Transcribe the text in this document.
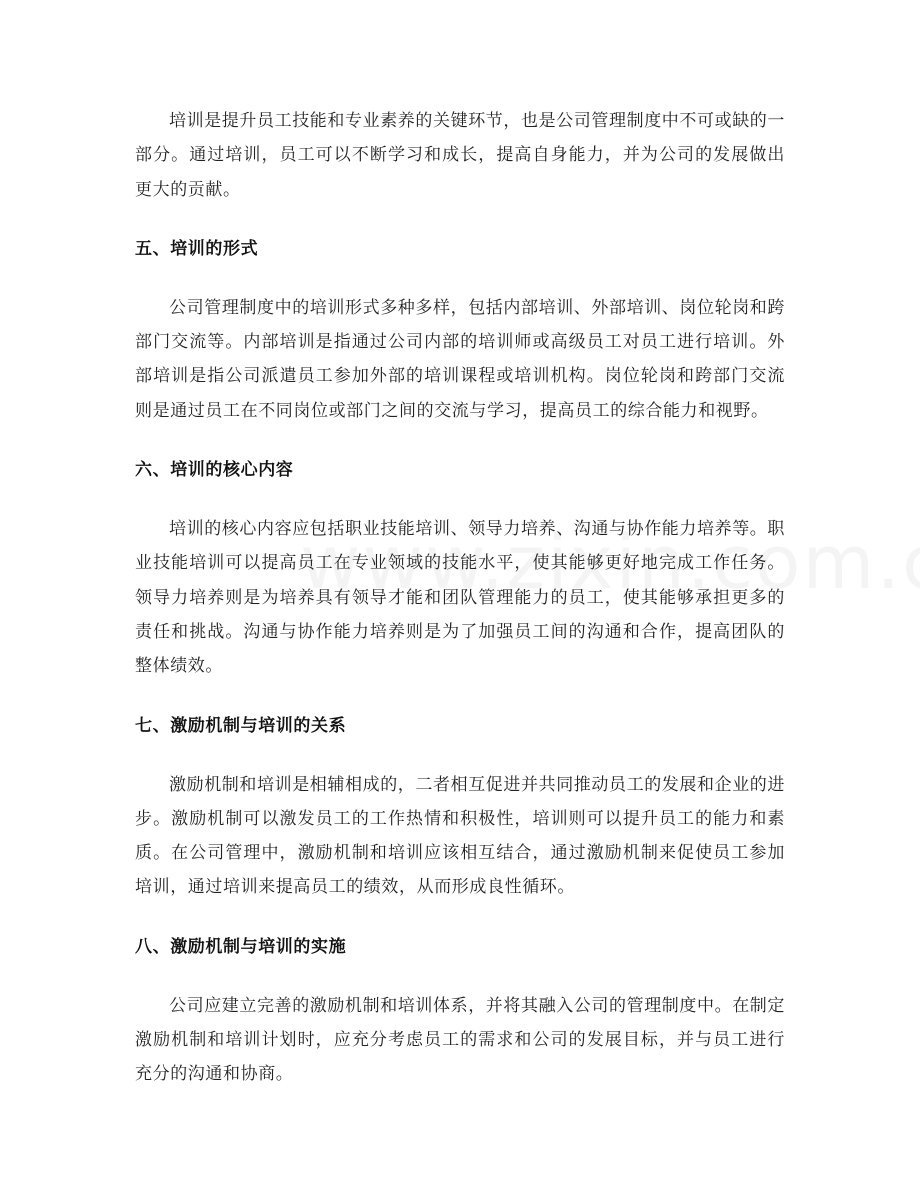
培训是提升员工技能和专业素养的关键环节，也是公司管理制度中不可或缺的一部分。通过培训，员工可以不断学习和成长，提高自身能力，并为公司的发展做出更大的贡献。

五、培训的形式

公司管理制度中的培训形式多种多样，包括内部培训、外部培训、岗位轮岗和跨部门交流等。内部培训是指通过公司内部的培训师或高级员工对员工进行培训。外部培训是指公司派遣员工参加外部的培训课程或培训机构。岗位轮岗和跨部门交流则是通过员工在不同岗位或部门之间的交流与学习，提高员工的综合能力和视野。

六、培训的核心内容

培训的核心内容应包括职业技能培训、领导力培养、沟通与协作能力培养等。职业技能培训可以提高员工在专业领域的技能水平，使其能够更好地完成工作任务。领导力培养则是为培养具有领导才能和团队管理能力的员工，使其能够承担更多的责任和挑战。沟通与协作能力培养则是为了加强员工间的沟通和合作，提高团队的整体绩效。

七、激励机制与培训的关系

激励机制和培训是相辅相成的，二者相互促进并共同推动员工的发展和企业的进步。激励机制可以激发员工的工作热情和积极性，培训则可以提升员工的能力和素质。在公司管理中，激励机制和培训应该相互结合，通过激励机制来促使员工参加培训，通过培训来提高员工的绩效，从而形成良性循环。

八、激励机制与培训的实施

公司应建立完善的激励机制和培训体系，并将其融入公司的管理制度中。在制定激励机制和培训计划时，应充分考虑员工的需求和公司的发展目标，并与员工进行充分的沟通和协商。
